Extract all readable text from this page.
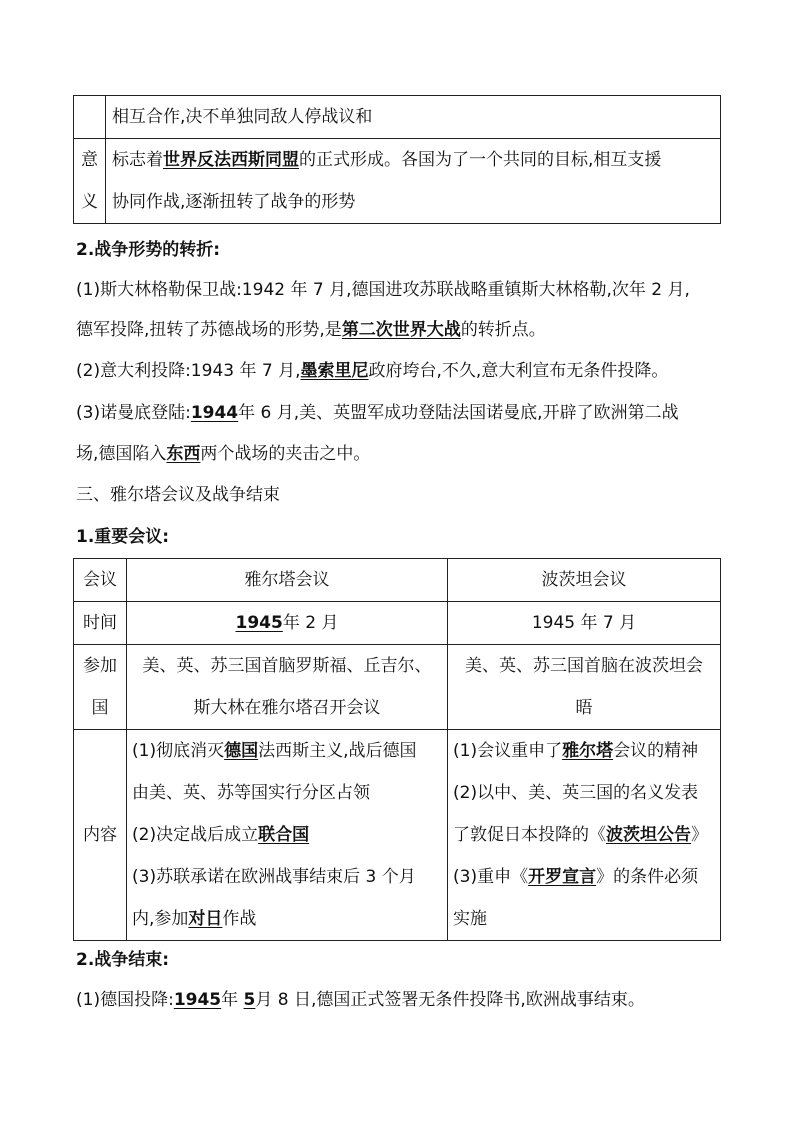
	相互合作,决不单独同敌人停战议和
意义	标志着世界反法西斯同盟的正式形成。各国为了一个共同的目标,相互支援
协同作战,逐渐扭转了战争的形势
2.战争形势的转折:
(1)斯大林格勒保卫战:1942 年 7 月,德国进攻苏联战略重镇斯大林格勒,次年 2 月,
德军投降,扭转了苏德战场的形势,是第二次世界大战的转折点。
(2)意大利投降:1943 年 7 月,墨索里尼政府垮台,不久,意大利宣布无条件投降。
(3)诺曼底登陆:1944年 6 月,美、英盟军成功登陆法国诺曼底,开辟了欧洲第二战
场,德国陷入东西两个战场的夹击之中。
三、雅尔塔会议及战争结束
1.重要会议:
会议	雅尔塔会议	波茨坦会议
时间	1945年 2 月	1945 年 7 月
参加
国	美、英、苏三国首脑罗斯福、丘吉尔、
斯大林在雅尔塔召开会议	美、英、苏三国首脑在波茨坦会
晤
内容	(1)彻底消灭德国法西斯主义,战后德国
由美、英、苏等国实行分区占领
(2)决定战后成立联合国
(3)苏联承诺在欧洲战事结束后 3 个月
内,参加对日作战	(1)会议重申了雅尔塔会议的精神
(2)以中、美、英三国的名义发表
了敦促日本投降的《波茨坦公告》
(3)重申《开罗宣言》的条件必须
实施
2.战争结束:
(1)德国投降:1945年 5月 8 日,德国正式签署无条件投降书,欧洲战事结束。
